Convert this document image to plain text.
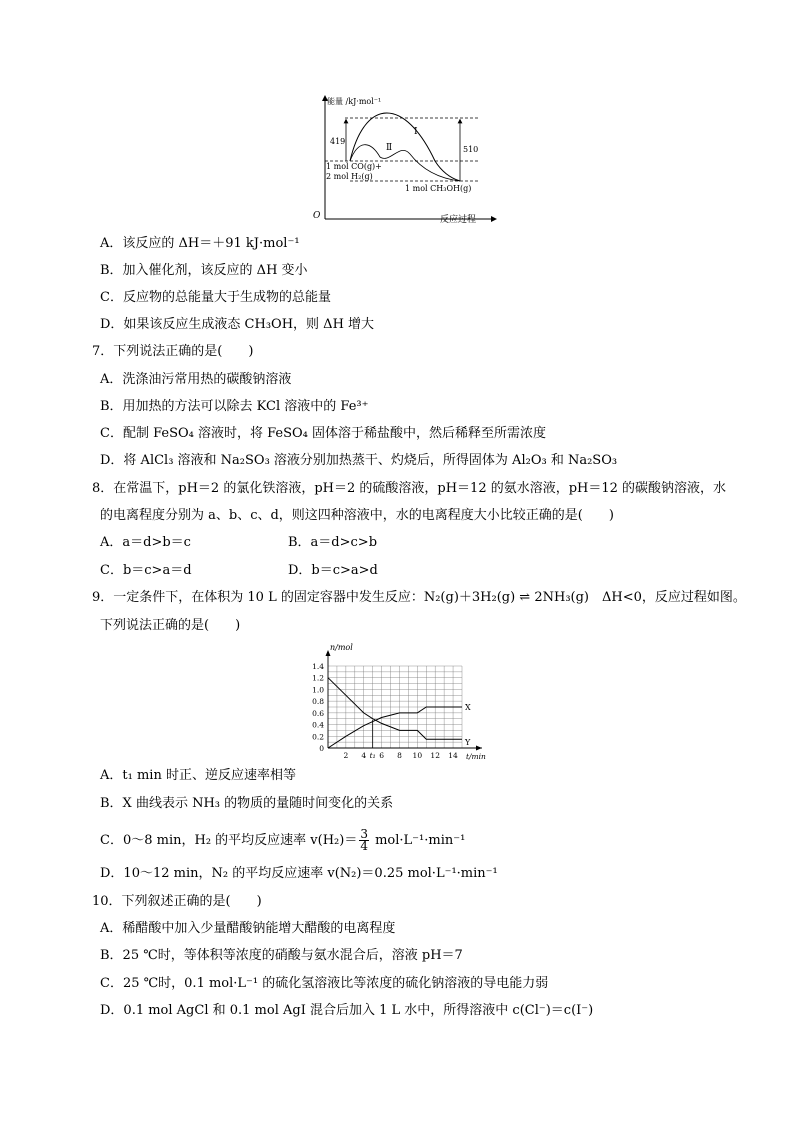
能量 /kJ·mol⁻¹
反应过程
O
419
510
Ⅰ
Ⅱ
1 mol CO(g)+
2 mol H₂(g)
1 mol CH₃OH(g)
A．该反应的 ΔH＝＋91 kJ·mol⁻¹
B．加入催化剂，该反应的 ΔH 变小
C．反应物的总能量大于生成物的总能量
D．如果该反应生成液态 CH₃OH，则 ΔH 增大
7．下列说法正确的是(　　)
A．洗涤油污常用热的碳酸钠溶液
B．用加热的方法可以除去 KCl 溶液中的 Fe³⁺
C．配制 FeSO₄ 溶液时，将 FeSO₄ 固体溶于稀盐酸中，然后稀释至所需浓度
D．将 AlCl₃ 溶液和 Na₂SO₃ 溶液分别加热蒸干、灼烧后，所得固体为 Al₂O₃ 和 Na₂SO₃
8．在常温下，pH＝2 的氯化铁溶液，pH＝2 的硫酸溶液，pH＝12 的氨水溶液，pH＝12 的碳酸钠溶液，水
的电离程度分别为 a、b、c、d，则这四种溶液中，水的电离程度大小比较正确的是(　　)
A．a＝d>b＝c	B．a＝d>c>b
C．b＝c>a＝d	D．b＝c>a>d
9．一定条件下，在体积为 10 L 的固定容器中发生反应：N₂(g)＋3H₂(g) ⇌ 2NH₃(g)　ΔH<0，反应过程如图。
下列说法正确的是(　　)
n/mol
t/min
0
0.2
0.4
0.6
0.8
1.0
1.2
1.4
2 4 t₁ 6 8 10 12 14
X
Y
A．t₁ min 时正、逆反应速率相等
B．X 曲线表示 NH₃ 的物质的量随时间变化的关系
C．0～8 min，H₂ 的平均反应速率 $v(H_2)= \frac{3}{4} mol\cdot L^{-1}\cdot\min^{-1}$
D．10～12 min，N₂ 的平均反应速率 v(N₂)＝0.25 mol·L⁻¹·min⁻¹
10．下列叙述正确的是(　　)
A．稀醋酸中加入少量醋酸钠能增大醋酸的电离程度
B．25 ℃时，等体积等浓度的硝酸与氨水混合后，溶液 pH＝7
C．25 ℃时，0.1 mol·L⁻¹ 的硫化氢溶液比等浓度的硫化钠溶液的导电能力弱
D．0.1 mol AgCl 和 0.1 mol AgI 混合后加入 1 L 水中，所得溶液中 c(Cl⁻)＝c(I⁻)
